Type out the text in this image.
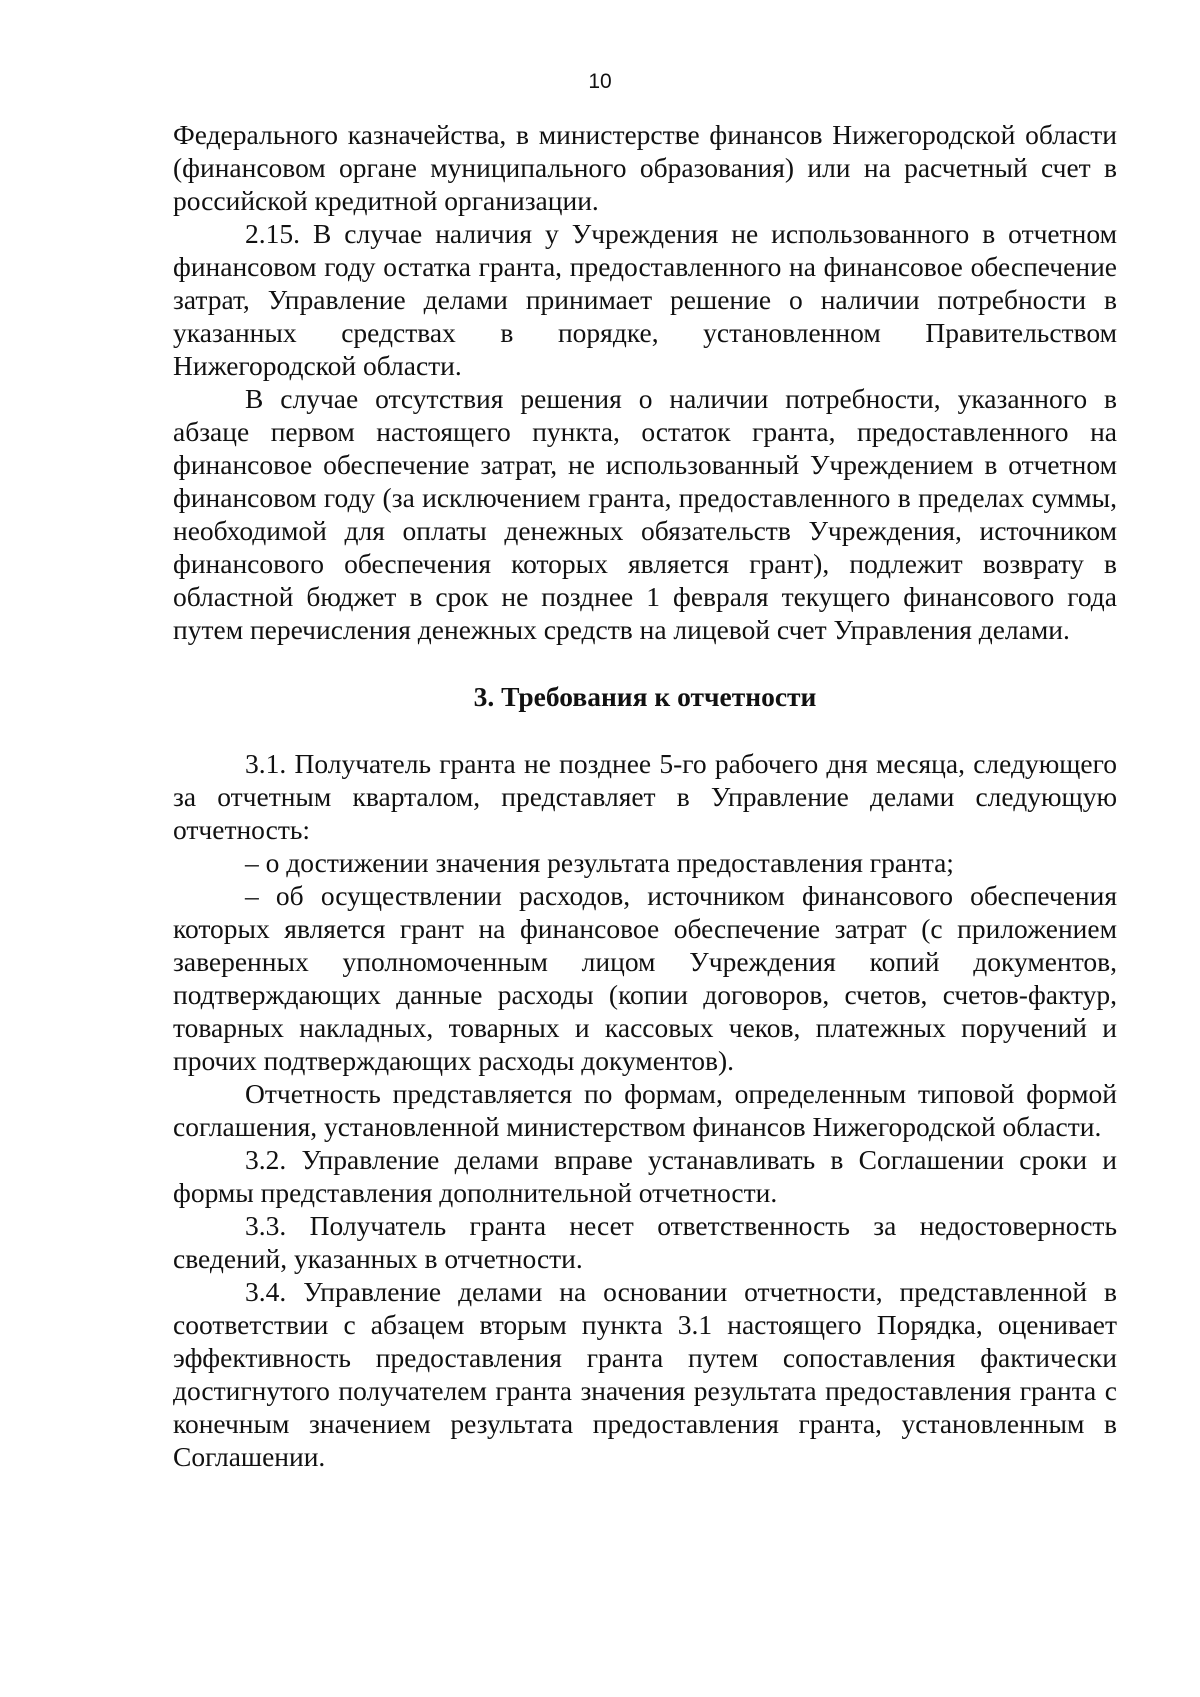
10

Федерального казначейства, в министерстве финансов Нижегородской области (финансовом органе муниципального образования) или на расчетный счет в российской кредитной организации.

2.15. В случае наличия у Учреждения не использованного в отчетном финансовом году остатка гранта, предоставленного на финансовое обеспечение затрат, Управление делами принимает решение о наличии потребности в указанных средствах в порядке, установленном Правительством Нижегородской области.

В случае отсутствия решения о наличии потребности, указанного в абзаце первом настоящего пункта, остаток гранта, предоставленного на финансовое обеспечение затрат, не использованный Учреждением в отчетном финансовом году (за исключением гранта, предоставленного в пределах суммы, необходимой для оплаты денежных обязательств Учреждения, источником финансового обеспечения которых является грант), подлежит возврату в областной бюджет в срок не позднее 1 февраля текущего финансового года путем перечисления денежных средств на лицевой счет Управления делами.

3. Требования к отчетности

3.1. Получатель гранта не позднее 5-го рабочего дня месяца, следующего за отчетным кварталом, представляет в Управление делами следующую отчетность:

– о достижении значения результата предоставления гранта;

– об осуществлении расходов, источником финансового обеспечения которых является грант на финансовое обеспечение затрат (с приложением заверенных уполномоченным лицом Учреждения копий документов, подтверждающих данные расходы (копии договоров, счетов, счетов-фактур, товарных накладных, товарных и кассовых чеков, платежных поручений и прочих подтверждающих расходы документов).

Отчетность представляется по формам, определенным типовой формой соглашения, установленной министерством финансов Нижегородской области.

3.2. Управление делами вправе устанавливать в Соглашении сроки и формы представления дополнительной отчетности.

3.3. Получатель гранта несет ответственность за недостоверность сведений, указанных в отчетности.

3.4. Управление делами на основании отчетности, представленной в соответствии с абзацем вторым пункта 3.1 настоящего Порядка, оценивает эффективность предоставления гранта путем сопоставления фактически достигнутого получателем гранта значения результата предоставления гранта с конечным значением результата предоставления гранта, установленным в Соглашении.
